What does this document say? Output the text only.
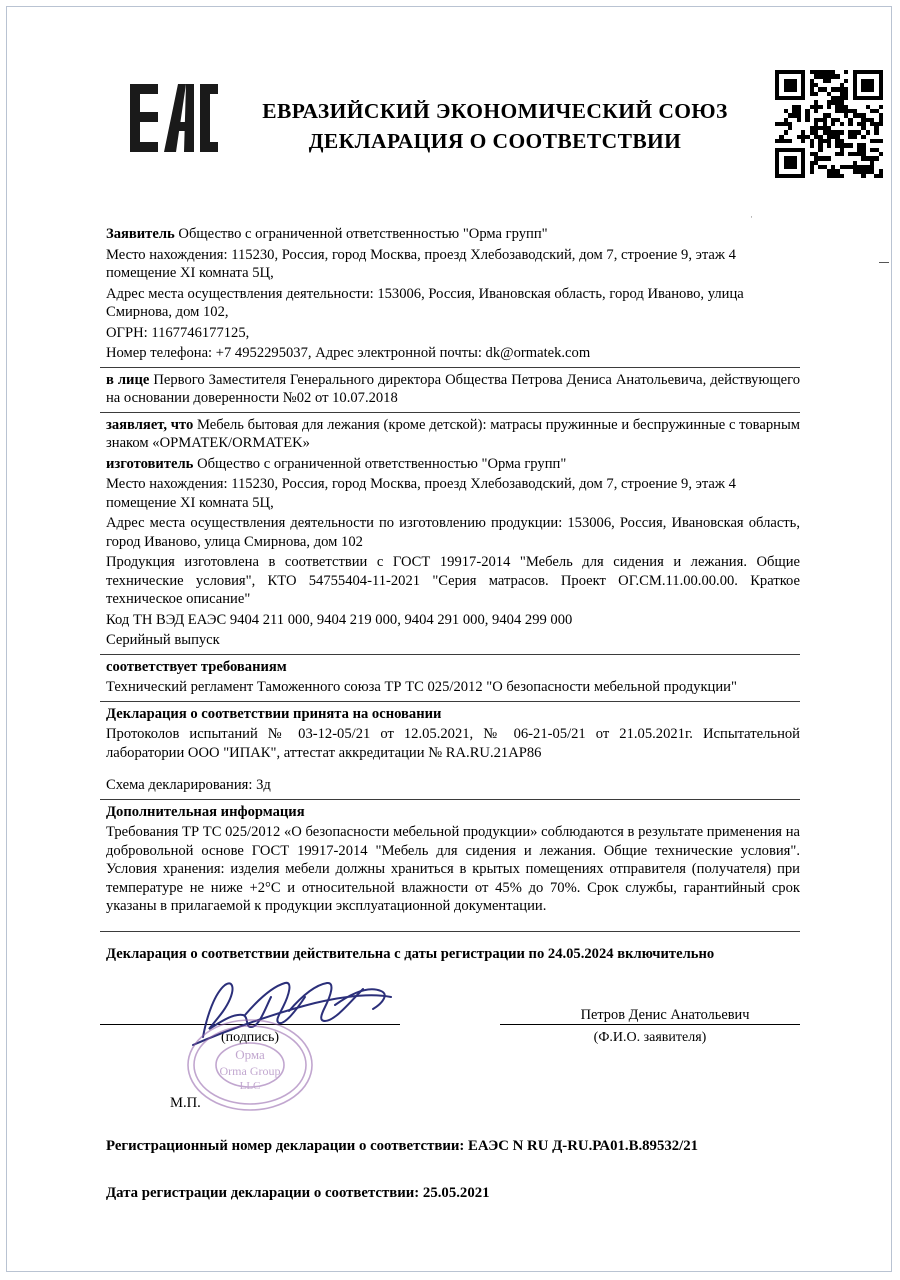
ЕВРАЗИЙСКИЙ ЭКОНОМИЧЕСКИЙ СОЮЗ
ДЕКЛАРАЦИЯ О СООТВЕТСТВИИ
·

Заявитель Общество с ограниченной ответственностью "Орма групп"

Место нахождения: 115230, Россия, город Москва, проезд Хлебозаводский, дом 7, строение 9, этаж 4 помещение XI комната 5Ц,

Адрес места осуществления деятельности: 153006, Россия, Ивановская область, город Иваново, улица Смирнова, дом 102,

ОГРН: 1167746177125,

Номер телефона: +7 4952295037, Адрес электронной почты: dk@ormatek.com

в лице Первого Заместителя Генерального директора Общества Петрова Дениса Анатольевича, действующего на основании доверенности №02 от 10.07.2018

заявляет, что Мебель бытовая для лежания (кроме детской): матрасы пружинные и беспружинные с товарным знаком «ОРМАТЕК/ORMATEK»

изготовитель Общество с ограниченной ответственностью "Орма групп"

Место нахождения: 115230, Россия, город Москва, проезд Хлебозаводский, дом 7, строение 9, этаж 4 помещение XI комната 5Ц,

Адрес места осуществления деятельности по изготовлению продукции: 153006, Россия, Ивановская область, город Иваново, улица Смирнова, дом 102

Продукция изготовлена в соответствии с ГОСТ 19917-2014 "Мебель для сидения и лежания. Общие технические условия", КТО 54755404-11-2021 "Серия матрасов. Проект ОГ.СМ.11.00.00.00. Краткое техническое описание"

Код ТН ВЭД ЕАЭС 9404 211 000, 9404 219 000, 9404 291 000, 9404 299 000

Серийный выпуск

соответствует требованиям

Технический регламент Таможенного союза ТР ТС 025/2012 "О безопасности мебельной продукции"

Декларация о соответствии принята на основании

Протоколов испытаний № 03-12-05/21 от 12.05.2021, № 06-21-05/21 от 21.05.2021г. Испытательной лаборатории ООО "ИПАК", аттестат аккредитации № RA.RU.21АР86

Схема декларирования: 3д

Дополнительная информация

Требования ТР ТС 025/2012 «О безопасности мебельной продукции» соблюдаются в результате применения на добровольной основе ГОСТ 19917-2014 "Мебель для сидения и лежания. Общие технические условия". Условия хранения: изделия мебели должны храниться в крытых помещениях отправителя (получателя) при температуре не ниже +2°С и относительной влажности от 45% до 70%. Срок службы, гарантийный срок указаны в прилагаемой к продукции эксплуатационной документации.

Декларация о соответствии действительна с даты регистрации по 24.05.2024 включительно

(подпись)
Петров Денис Анатольевич
(Ф.И.О. заявителя)
Орма
Orma Group
LLC
М.П.
Регистрационный номер декларации о соответствии: ЕАЭС N RU Д-RU.РА01.В.89532/21
Дата регистрации декларации о соответствии: 25.05.2021
